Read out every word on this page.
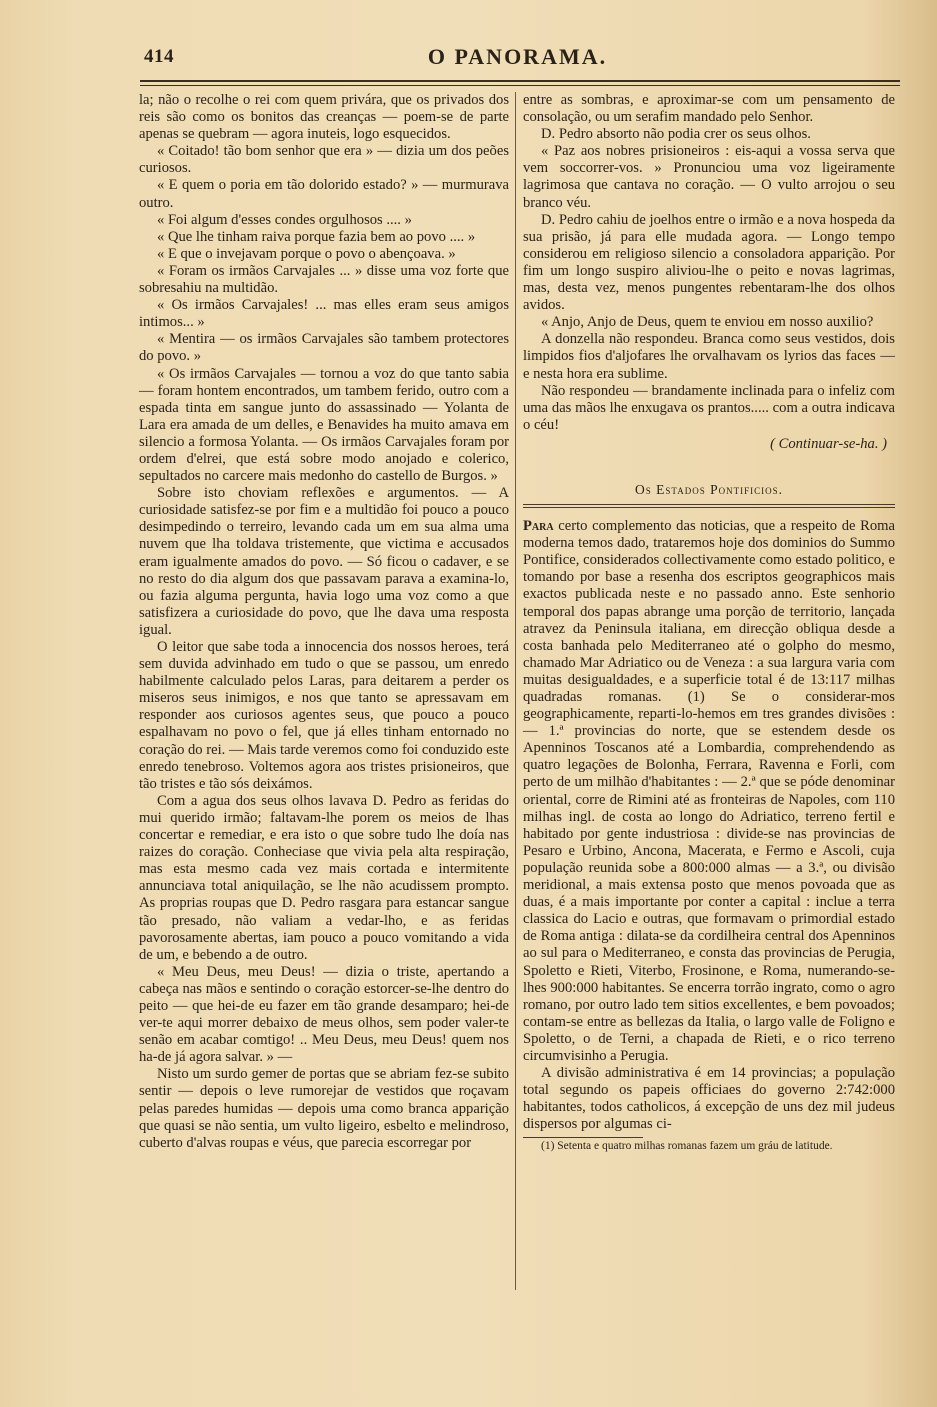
414	O PANORAMA.

la; não o recolhe o rei com quem privára, que os privados dos reis são como os bonitos das creanças — poem-se de parte apenas se quebram — agora inuteis, logo esquecidos.

« Coitado! tão bom senhor que era » — dizia um dos peões curiosos.

« E quem o poria em tão dolorido estado? » — murmurava outro.

« Foi algum d'esses condes orgulhosos .... »

« Que lhe tinham raiva porque fazia bem ao povo .... »

« E que o invejavam porque o povo o abençoava. »

« Foram os irmãos Carvajales ... » disse uma voz forte que sobresahiu na multidão.

« Os irmãos Carvajales! ... mas elles eram seus amigos intimos... »

« Mentira — os irmãos Carvajales são tambem protectores do povo. »

« Os irmãos Carvajales — tornou a voz do que tanto sabia — foram hontem encontrados, um tambem ferido, outro com a espada tinta em sangue junto do assassinado — Yolanta de Lara era amada de um delles, e Benavides ha muito amava em silencio a formosa Yolanta. — Os irmãos Carvajales foram por ordem d'elrei, que está sobre modo anojado e colerico, sepultados no carcere mais medonho do castello de Burgos. »

Sobre isto choviam reflexões e argumentos. — A curiosidade satisfez-se por fim e a multidão foi pouco a pouco desimpedindo o terreiro, levando cada um em sua alma uma nuvem que lha toldava tristemente, que victima e accusados eram igualmente amados do povo. — Só ficou o cadaver, e se no resto do dia algum dos que passavam parava a examina-lo, ou fazia alguma pergunta, havia logo uma voz como a que satisfizera a curiosidade do povo, que lhe dava uma resposta igual.

O leitor que sabe toda a innocencia dos nossos heroes, terá sem duvida advinhado em tudo o que se passou, um enredo habilmente calculado pelos Laras, para deitarem a perder os miseros seus inimigos, e nos que tanto se apressavam em responder aos curiosos agentes seus, que pouco a pouco espalhavam no povo o fel, que já elles tinham entornado no coração do rei. — Mais tarde veremos como foi conduzido este enredo tenebroso. Voltemos agora aos tristes prisioneiros, que tão tristes e tão sós deixámos.

Com a agua dos seus olhos lavava D. Pedro as feridas do mui querido irmão; faltavam-lhe porem os meios de lhas concertar e remediar, e era isto o que sobre tudo lhe doía nas raizes do coração. Conheciase que vivia pela alta respiração, mas esta mesmo cada vez mais cortada e intermitente annunciava total aniquilação, se lhe não acudissem prompto. As proprias roupas que D. Pedro rasgara para estancar sangue tão presado, não valiam a vedar-lho, e as feridas pavorosamente abertas, iam pouco a pouco vomitando a vida de um, e bebendo a de outro.

« Meu Deus, meu Deus! — dizia o triste, apertando a cabeça nas mãos e sentindo o coração estorcer-se-lhe dentro do peito — que hei-de eu fazer em tão grande desamparo; hei-de ver-te aqui morrer debaixo de meus olhos, sem poder valer-te senão em acabar comtigo! .. Meu Deus, meu Deus! quem nos ha-de já agora salvar. » —

Nisto um surdo gemer de portas que se abriam fez-se subito sentir — depois o leve rumorejar de vestidos que roçavam pelas paredes humidas — depois uma como branca apparição que quasi se não sentia, um vulto ligeiro, esbelto e melindroso, cuberto d'alvas roupas e véus, que parecia escorregar por

entre as sombras, e aproximar-se com um pensamento de consolação, ou um serafim mandado pelo Senhor.

D. Pedro absorto não podia crer os seus olhos.

« Paz aos nobres prisioneiros : eis-aqui a vossa serva que vem soccorrer-vos. » Pronunciou uma voz ligeiramente lagrimosa que cantava no coração. — O vulto arrojou o seu branco véu.

D. Pedro cahiu de joelhos entre o irmão e a nova hospeda da sua prisão, já para elle mudada agora. — Longo tempo considerou em religioso silencio a consoladora apparição. Por fim um longo suspiro aliviou-lhe o peito e novas lagrimas, mas, desta vez, menos pungentes rebentaram-lhe dos olhos avidos.

« Anjo, Anjo de Deus, quem te enviou em nosso auxilio?

A donzella não respondeu. Branca como seus vestidos, dois limpidos fios d'aljofares lhe orvalhavam os lyrios das faces — e nesta hora era sublime.

Não respondeu — brandamente inclinada para o infeliz com uma das mãos lhe enxugava os prantos..... com a outra indicava o céu!

( Continuar-se-ha. )
Os Estados Pontificios.

Para certo complemento das noticias, que a respeito de Roma moderna temos dado, trataremos hoje dos dominios do Summo Pontifice, considerados collectivamente como estado politico, e tomando por base a resenha dos escriptos geographicos mais exactos publicada neste e no passado anno. Este senhorio temporal dos papas abrange uma porção de territorio, lançada atravez da Peninsula italiana, em direcção obliqua desde a costa banhada pelo Mediterraneo até o golpho do mesmo, chamado Mar Adriatico ou de Veneza : a sua largura varia com muitas desigualdades, e a superficie total é de 13:117 milhas quadradas romanas. (1) Se o considerar-mos geographicamente, reparti-lo-hemos em tres grandes divisões : — 1.ª provincias do norte, que se estendem desde os Apenninos Toscanos até a Lombardia, comprehendendo as quatro legações de Bolonha, Ferrara, Ravenna e Forli, com perto de um milhão d'habitantes : — 2.ª que se póde denominar oriental, corre de Rimini até as fronteiras de Napoles, com 110 milhas ingl. de costa ao longo do Adriatico, terreno fertil e habitado por gente industriosa : divide-se nas provincias de Pesaro e Urbino, Ancona, Macerata, e Fermo e Ascoli, cuja população reunida sobe a 800:000 almas — a 3.ª, ou divisão meridional, a mais extensa posto que menos povoada que as duas, é a mais importante por conter a capital : inclue a terra classica do Lacio e outras, que formavam o primordial estado de Roma antiga : dilata-se da cordilheira central dos Apenninos ao sul para o Mediterraneo, e consta das provincias de Perugia, Spoletto e Rieti, Viterbo, Frosinone, e Roma, numerando-se-lhes 900:000 habitantes. Se encerra torrão ingrato, como o agro romano, por outro lado tem sitios excellentes, e bem povoados; contam-se entre as bellezas da Italia, o largo valle de Foligno e Spoletto, o de Terni, a chapada de Rieti, e o rico terreno circumvisinho a Perugia.

A divisão administrativa é em 14 provincias; a população total segundo os papeis officiaes do governo 2:742:000 habitantes, todos catholicos, á excepção de uns dez mil judeus dispersos por algumas ci-

(1) Setenta e quatro milhas romanas fazem um gráu de latitude.
